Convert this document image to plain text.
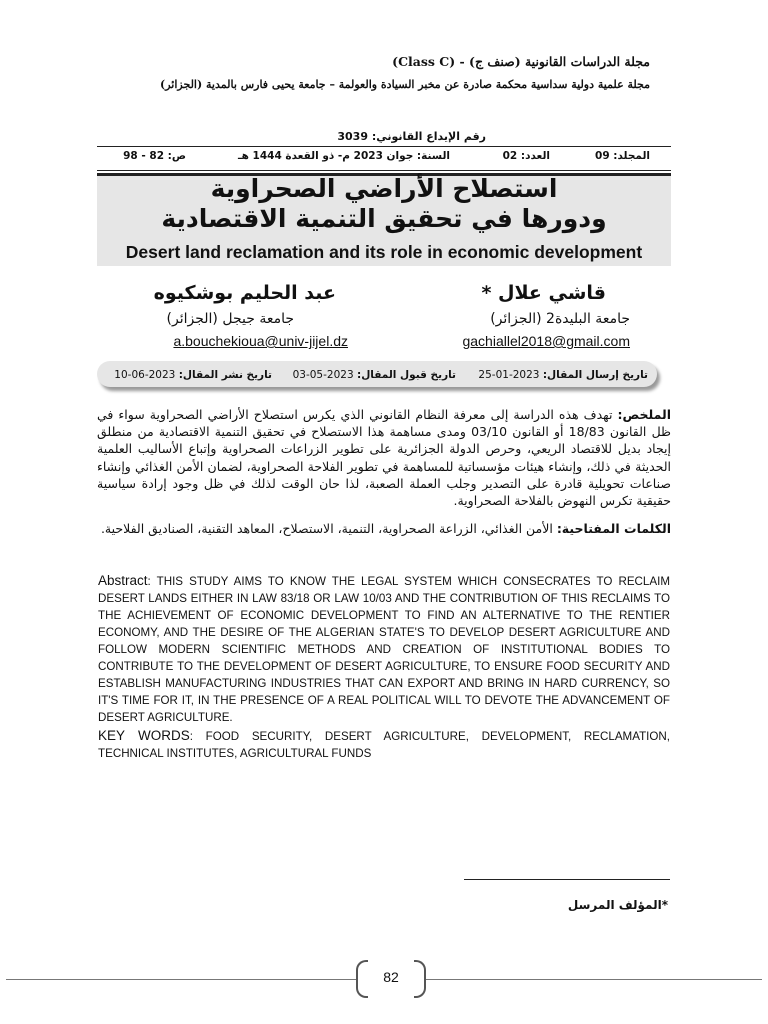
مجلة الدراسات القانونية (صنف ج) - (Class C)
مجلة علمية دولية سداسية محكمة صادرة عن مخبر السيادة والعولمة – جامعة يحيى فارس بالمدية (الجزائر)
رقم الإيداع القانوني: 3039
المجلد: 09
العدد: 02
السنة: جوان 2023 م- ذو القعدة 1444 هـ
ص: 82 - 98
استصلاح الأراضي الصحراوية
ودورها في تحقيق التنمية الاقتصادية
Desert land reclamation and its role in economic development
قاشي علال *
جامعة البليدة2 (الجزائر)
gachiallel2018@gmail.com
عبد الحليم بوشكيوه
جامعة جيجل (الجزائر)
a.bouchekioua@univ-jijel.dz
تاريخ إرسال المقال: 2023-01-25
تاريخ قبول المقال: 2023-05-03
تاريخ نشر المقال: 2023-06-10
الملخص: تهدف هذه الدراسة إلى معرفة النظام القانوني الذي يكرس استصلاح الأراضي الصحراوية سواء في ظل القانون 18/83 أو القانون 03/10 ومدى مساهمة هذا الاستصلاح في تحقيق التنمية الاقتصادية من منطلق إيجاد بديل للاقتصاد الريعي، وحرص الدولة الجزائرية على تطوير الزراعات الصحراوية وإتباع الأساليب العلمية الحديثة في ذلك، وإنشاء هيئات مؤسساتية للمساهمة في تطوير الفلاحة الصحراوية، لضمان الأمن الغذائي وإنشاء صناعات تحويلية قادرة على التصدير وجلب العملة الصعبة، لذا حان الوقت لذلك في ظل وجود إرادة سياسية حقيقية تكرس النهوض بالفلاحة الصحراوية.
الكلمات المفتاحية: الأمن الغذائي، الزراعة الصحراوية، التنمية، الاستصلاح، المعاهد التقنية، الصناديق الفلاحية.
Abstract: THIS STUDY AIMS TO KNOW THE LEGAL SYSTEM WHICH CONSECRATES TO RECLAIM DESERT LANDS EITHER IN LAW 83/18 OR LAW 10/03 AND THE CONTRIBUTION OF THIS RECLAIMS TO THE ACHIEVEMENT OF ECONOMIC DEVELOPMENT TO FIND AN ALTERNATIVE TO THE RENTIER ECONOMY, AND THE DESIRE OF THE ALGERIAN STATE'S TO DEVELOP DESERT AGRICULTURE AND FOLLOW MODERN SCIENTIFIC METHODS AND CREATION OF INSTITUTIONAL BODIES TO CONTRIBUTE TO THE DEVELOPMENT OF DESERT AGRICULTURE, TO ENSURE FOOD SECURITY AND ESTABLISH MANUFACTURING INDUSTRIES THAT CAN EXPORT AND BRING IN HARD CURRENCY, SO IT'S TIME FOR IT, IN THE PRESENCE OF A REAL POLITICAL WILL TO DEVOTE THE ADVANCEMENT OF DESERT AGRICULTURE.
KEY WORDS: FOOD SECURITY, DESERT AGRICULTURE, DEVELOPMENT, RECLAMATION, TECHNICAL INSTITUTES, AGRICULTURAL FUNDS
*المؤلف المرسل
82
